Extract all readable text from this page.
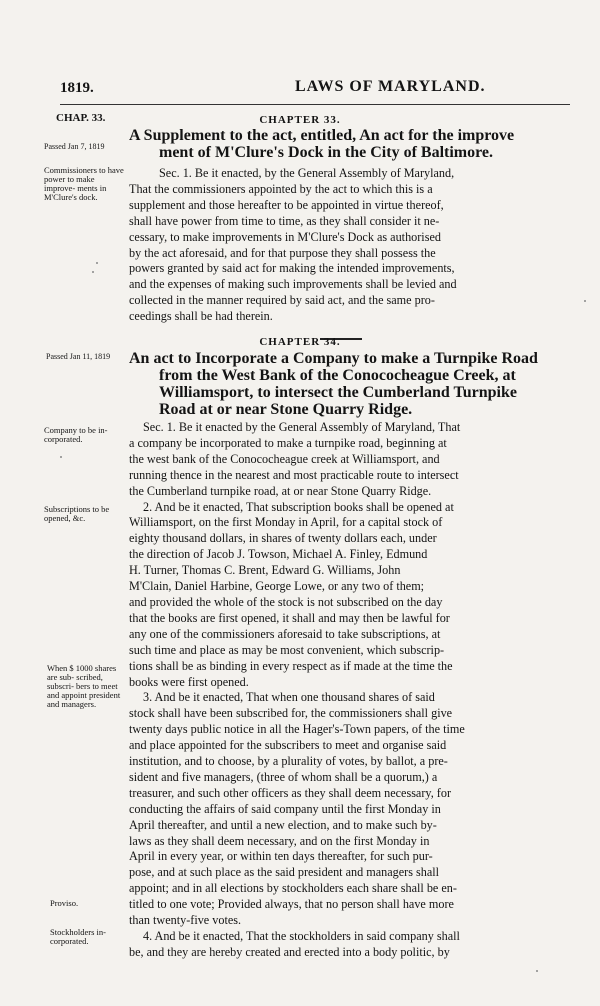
1819.	LAWS OF MARYLAND.
CHAP. 33.	CHAPTER 33.
Passed Jan 7, 1819
A Supplement to the act, entitled, An act for the improve
ment of M'Clure's Dock in the City of Baltimore.
Commissioners to have power to make improve- ments in M'Clure's dock.
Sec. 1. Be it enacted, by the General Assembly of Maryland,
That the commissioners appointed by the act to which this is a
supplement and those hereafter to be appointed in virtue thereof,
shall have power from time to time, as they shall consider it ne-
cessary, to make improvements in M'Clure's Dock as authorised
by the act aforesaid, and for that purpose they shall possess the
powers granted by said act for making the intended improvements,
and the expenses of making such improvements shall be levied and
collected in the manner required by said act, and the same pro-
ceedings shall be had therein.
CHAPTER 34.
Passed Jan 11, 1819	An act to Incorporate a Company to make a Turnpike Road
from the West Bank of the Conococheague Creek, at
Williamsport, to intersect the Cumberland Turnpike
Road at or near Stone Quarry Ridge.
Company to be in- corporated.
Subscriptions to be opened, &c.
When $ 1000 shares are sub- scribed, subscri- bers to meet and appoint president and managers.
Proviso.
Stockholders in- corporated.
Sec. 1. Be it enacted by the General Assembly of Maryland, That
a company be incorporated to make a turnpike road, beginning at
the west bank of the Conococheague creek at Williamsport, and
running thence in the nearest and most practicable route to intersect
the Cumberland turnpike road, at or near Stone Quarry Ridge.
2. And be it enacted, That subscription books shall be opened at
Williamsport, on the first Monday in April, for a capital stock of
eighty thousand dollars, in shares of twenty dollars each, under
the direction of Jacob J. Towson, Michael A. Finley, Edmund
H. Turner, Thomas C. Brent, Edward G. Williams, John
M'Clain, Daniel Harbine, George Lowe, or any two of them;
and provided the whole of the stock is not subscribed on the day
that the books are first opened, it shall and may then be lawful for
any one of the commissioners aforesaid to take subscriptions, at
such time and place as may be most convenient, which subscrip-
tions shall be as binding in every respect as if made at the time the
books were first opened.
3. And be it enacted, That when one thousand shares of said
stock shall have been subscribed for, the commissioners shall give
twenty days public notice in all the Hager's-Town papers, of the time
and place appointed for the subscribers to meet and organise said
institution, and to choose, by a plurality of votes, by ballot, a pre-
sident and five managers, (three of whom shall be a quorum,) a
treasurer, and such other officers as they shall deem necessary, for
conducting the affairs of said company until the first Monday in
April thereafter, and until a new election, and to make such by-
laws as they shall deem necessary, and on the first Monday in
April in every year, or within ten days thereafter, for such pur-
pose, and at such place as the said president and managers shall
appoint; and in all elections by stockholders each share shall be en-
titled to one vote; Provided always, that no person shall have more
than twenty-five votes.
4. And be it enacted, That the stockholders in said company shall
be, and they are hereby created and erected into a body politic, by
